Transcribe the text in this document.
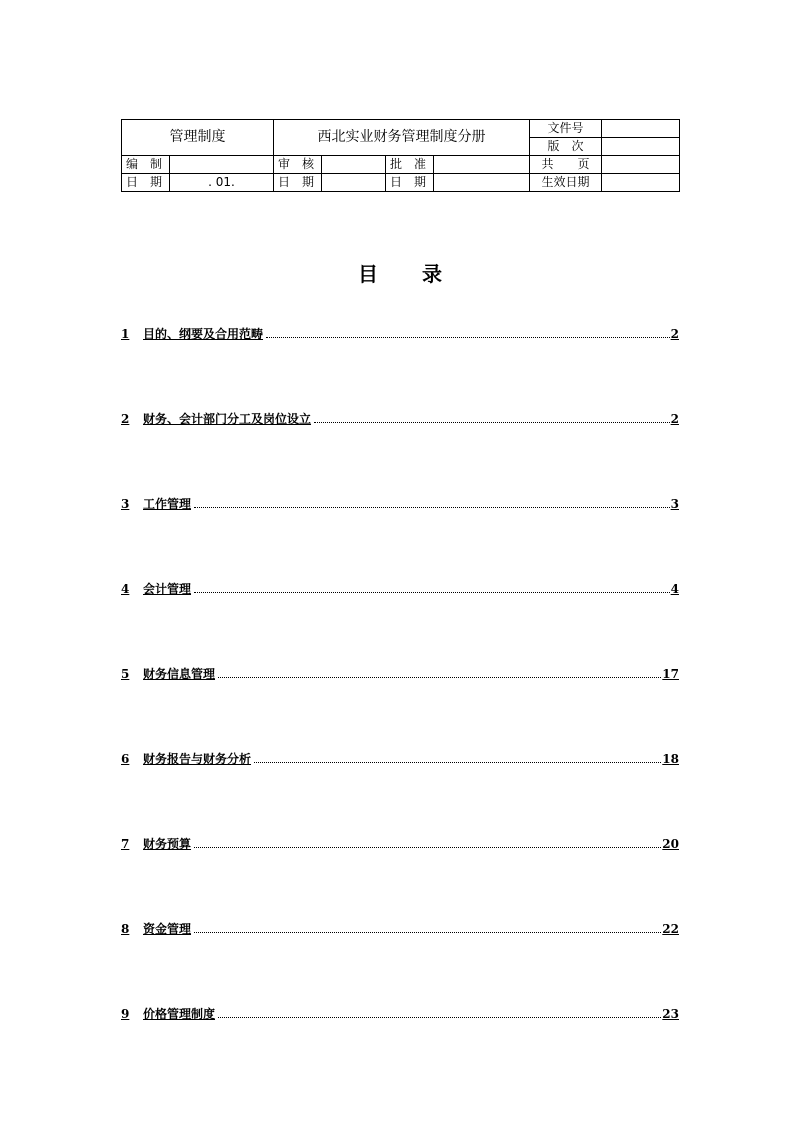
管理制度		西北实业财务管理制度分册				文件号	
						版　次	
编　制		审　核		批　准		共　　页	
日　期	. 01.	日　期		日　期		生效日期	
目录
1	目的、纲要及合用范畴	2
2	财务、会计部门分工及岗位设立	2
3	工作管理	3
4	会计管理	4
5	财务信息管理	17
6	财务报告与财务分析	18
7	财务预算	20
8	资金管理	22
9	价格管理制度	23
